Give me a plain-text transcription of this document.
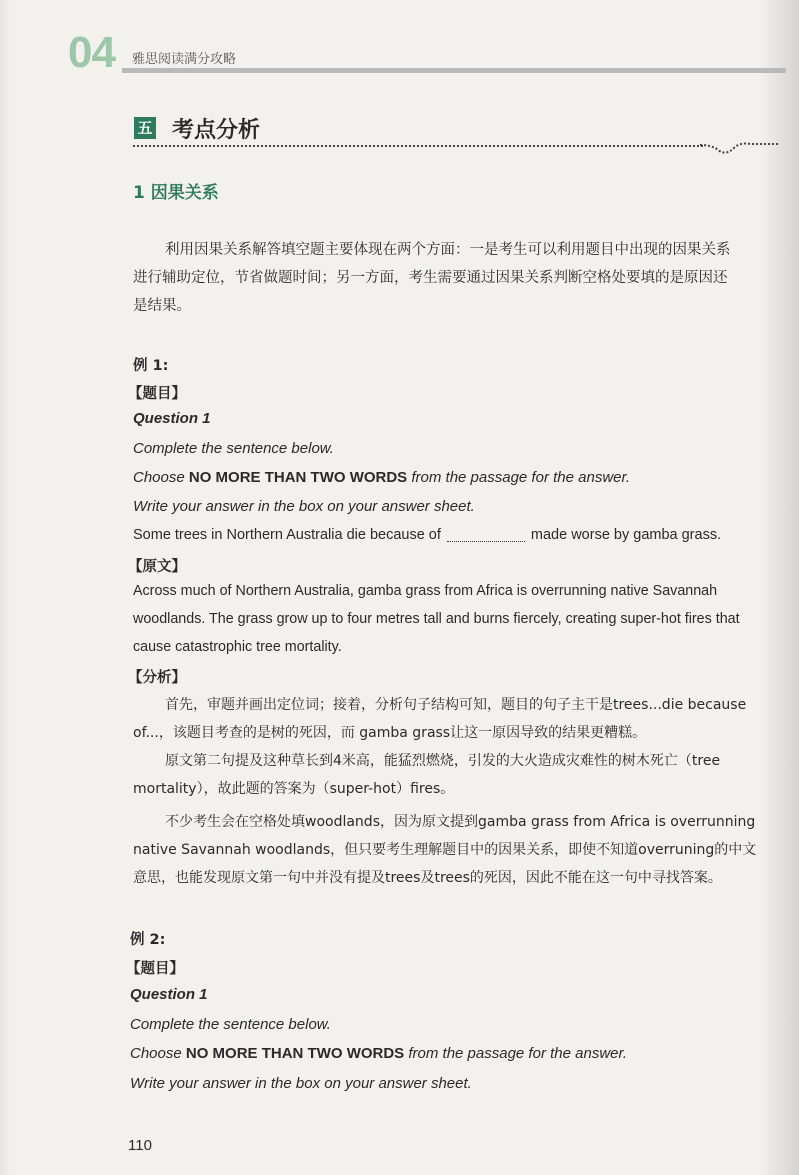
04 雅思阅读满分攻略
五 考点分析
1 因果关系
利用因果关系解答填空题主要体现在两个方面：一是考生可以利用题目中出现的因果关系
进行辅助定位，节省做题时间；另一方面，考生需要通过因果关系判断空格处要填的是原因还
是结果。
例 1:
【题目】
Question 1
Complete the sentence below.
Choose NO MORE THAN TWO WORDS from the passage for the answer.
Write your answer in the box on your answer sheet.
Some trees in Northern Australia die because of	made worse by gamba grass.
【原文】
Across much of Northern Australia, gamba grass from Africa is overrunning native Savannah
woodlands. The grass grow up to four metres tall and burns fiercely, creating super-hot fires that
cause catastrophic tree mortality.
【分析】
首先，审题并画出定位词；接着，分析句子结构可知，题目的句子主干是trees...die because
of...，该题目考查的是树的死因，而 gamba grass让这一原因导致的结果更糟糕。
原文第二句提及这种草长到4米高，能猛烈燃烧，引发的大火造成灾难性的树木死亡（tree
mortality），故此题的答案为（super-hot）fires。
不少考生会在空格处填woodlands，因为原文提到gamba grass from Africa is overrunning
native Savannah woodlands，但只要考生理解题目中的因果关系，即使不知道overruning的中文
意思，也能发现原文第一句中并没有提及trees及trees的死因，因此不能在这一句中寻找答案。
例 2:
【题目】
Question 1
Complete the sentence below.
Choose NO MORE THAN TWO WORDS from the passage for the answer.
Write your answer in the box on your answer sheet.
110
